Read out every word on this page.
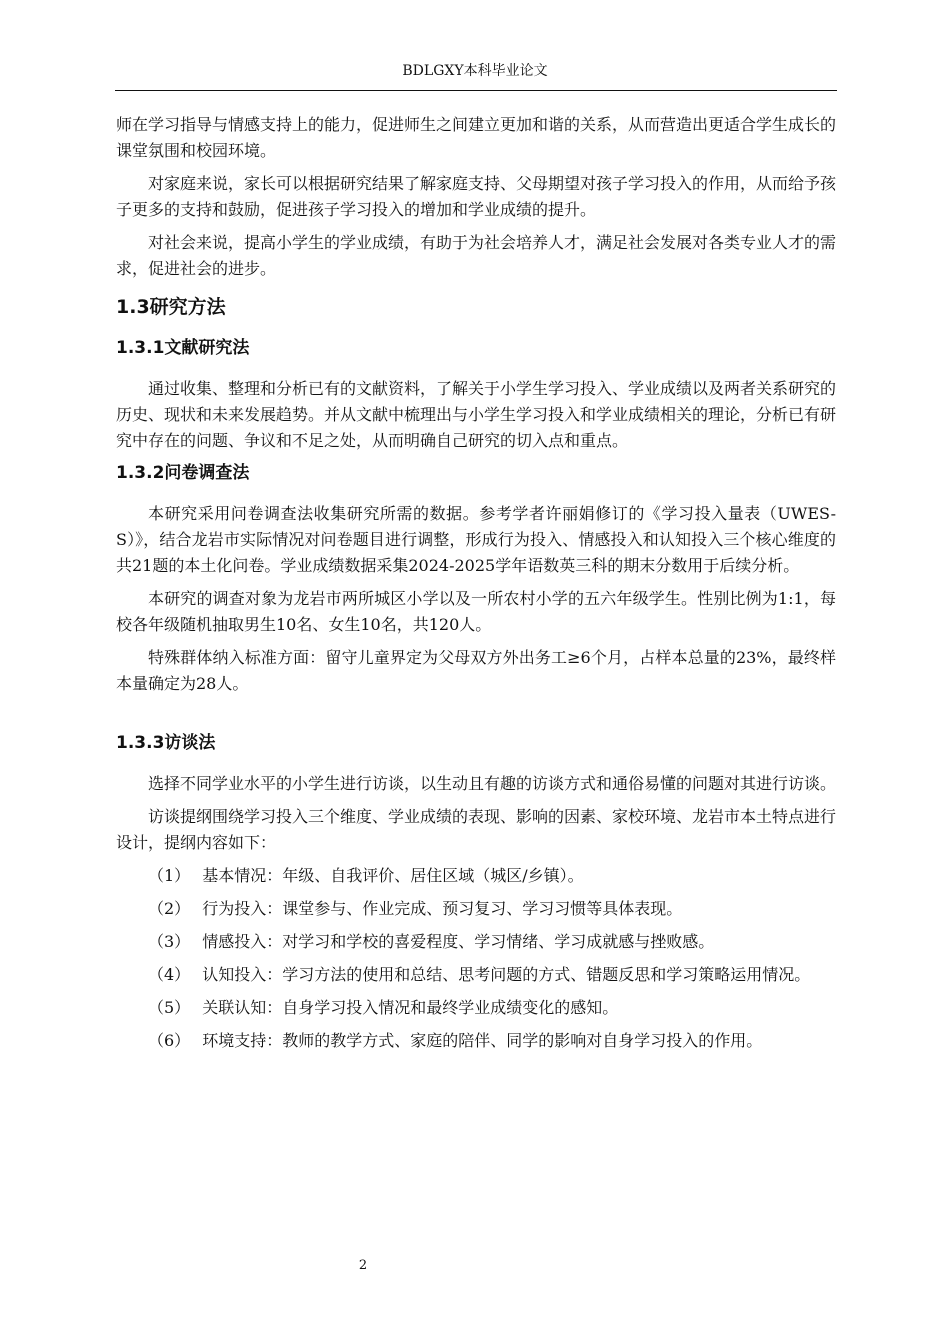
BDLGXY本科毕业论文

师在学习指导与情感支持上的能力，促进师生之间建立更加和谐的关系，从而营造出更适合学生成长的课堂氛围和校园环境。

对家庭来说，家长可以根据研究结果了解家庭支持、父母期望对孩子学习投入的作用，从而给予孩子更多的支持和鼓励，促进孩子学习投入的增加和学业成绩的提升。

对社会来说，提高小学生的学业成绩，有助于为社会培养人才，满足社会发展对各类专业人才的需求，促进社会的进步。

1.3研究方法
1.3.1文献研究法

通过收集、整理和分析已有的文献资料，了解关于小学生学习投入、学业成绩以及两者关系研究的历史、现状和未来发展趋势。并从文献中梳理出与小学生学习投入和学业成绩相关的理论，分析已有研究中存在的问题、争议和不足之处，从而明确自己研究的切入点和重点。

1.3.2问卷调查法

本研究采用问卷调查法收集研究所需的数据。参考学者许丽娟修订的《学习投入量表（UWES-S）》，结合龙岩市实际情况对问卷题目进行调整，形成行为投入、情感投入和认知投入三个核心维度的共21题的本土化问卷。学业成绩数据采集2024-2025学年语数英三科的期末分数用于后续分析。

本研究的调查对象为龙岩市两所城区小学以及一所农村小学的五六年级学生。性别比例为1:1，每校各年级随机抽取男生10名、女生10名，共120人。

特殊群体纳入标准方面：留守儿童界定为父母双方外出务工≥6个月，占样本总量的23%，最终样本量确定为28人。

1.3.3访谈法

选择不同学业水平的小学生进行访谈，以生动且有趣的访谈方式和通俗易懂的问题对其进行访谈。

访谈提纲围绕学习投入三个维度、学业成绩的表现、影响的因素、家校环境、龙岩市本土特点进行设计，提纲内容如下：

（1） 基本情况：年级、自我评价、居住区域（城区/乡镇）。

（2） 行为投入：课堂参与、作业完成、预习复习、学习习惯等具体表现。

（3） 情感投入：对学习和学校的喜爱程度、学习情绪、学习成就感与挫败感。

（4） 认知投入：学习方法的使用和总结、思考问题的方式、错题反思和学习策略运用情况。

（5） 关联认知：自身学习投入情况和最终学业成绩变化的感知。

（6） 环境支持：教师的教学方式、家庭的陪伴、同学的影响对自身学习投入的作用。

2
